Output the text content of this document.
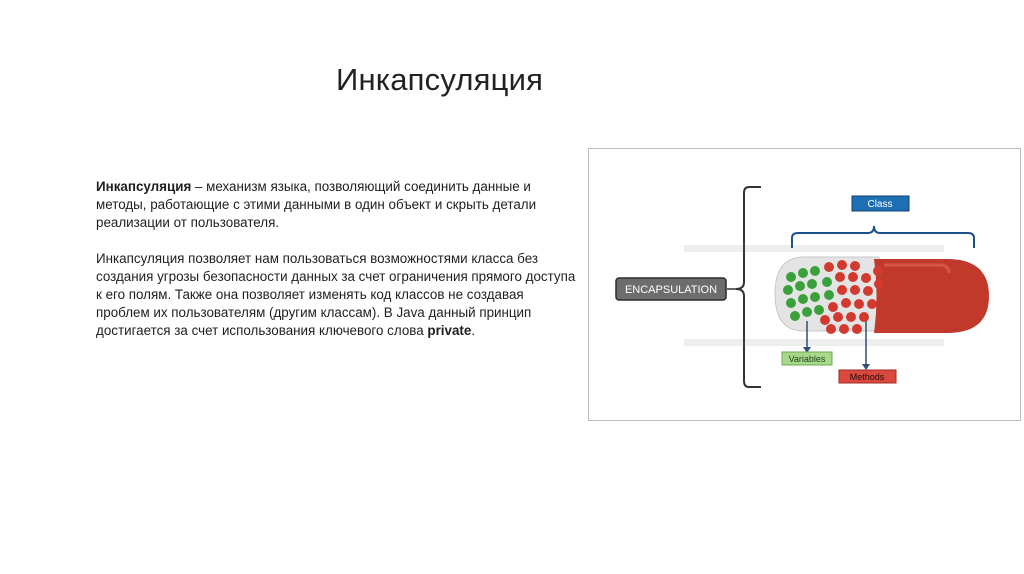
Инкапсуляция

Инкапсуляция – механизм языка, позволяющий соединить данные и методы, работающие с этими данными в один объект и скрыть детали реализации от пользователя.

Инкапсуляция позволяет нам пользоваться возможностями класса без создания угрозы безопасности данных за счет ограничения прямого доступа к его полям. Также она позволяет изменять код классов не создавая проблем их пользователям (другим классам). В Java данный принцип достигается за счет использования ключевого слова private.

ENCAPSULATION
Class
Variables
Methods
